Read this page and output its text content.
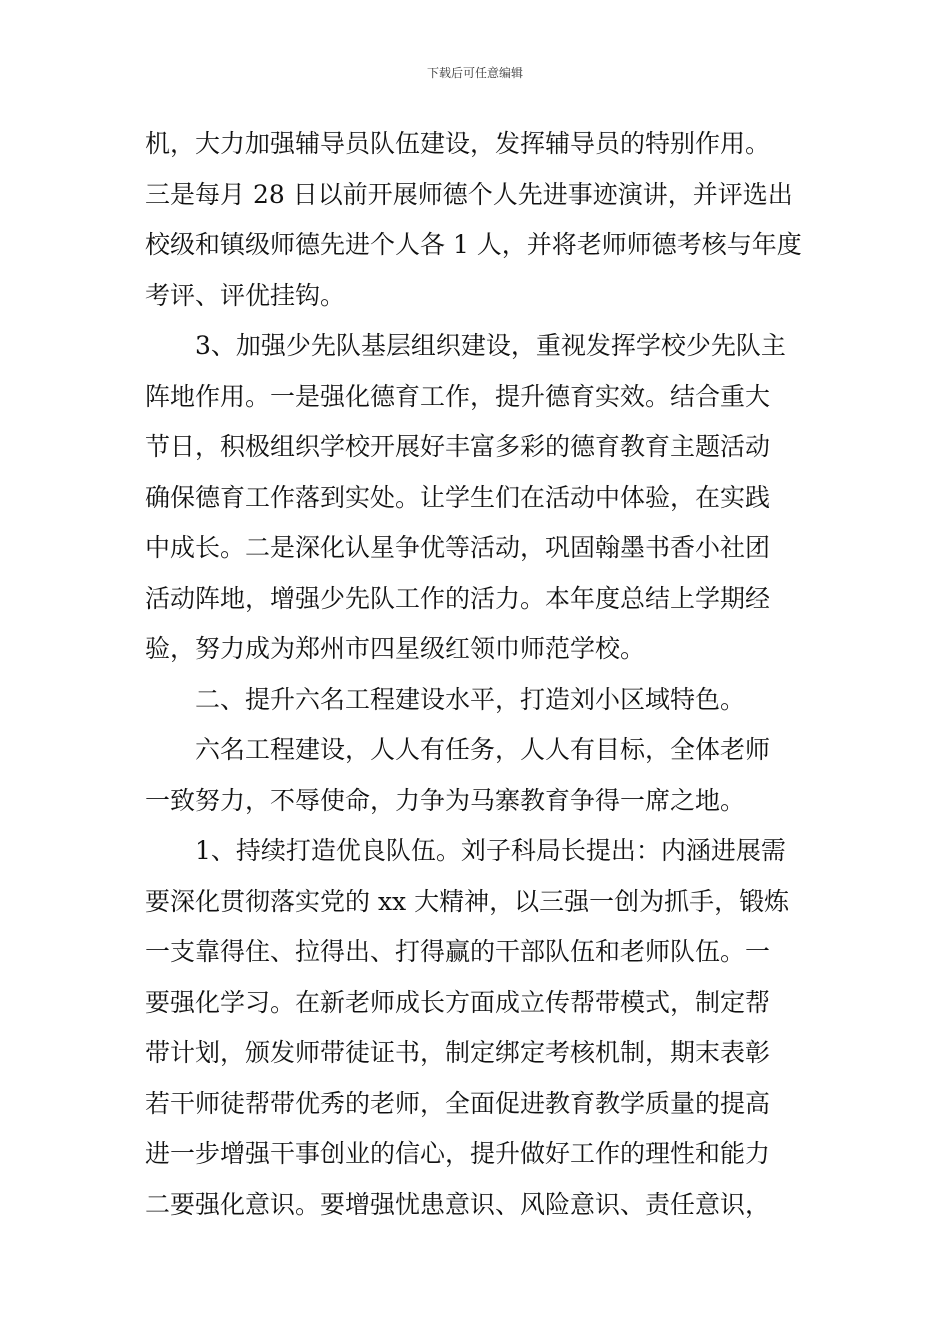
下载后可任意编辑
机，大力加强辅导员队伍建设，发挥辅导员的特别作用。
三是每月 28 日以前开展师德个人先进事迹演讲，并评选出
校级和镇级师德先进个人各 1 人，并将老师师德考核与年度
考评、评优挂钩。
3、加强少先队基层组织建设，重视发挥学校少先队主
阵地作用。一是强化德育工作，提升德育实效。结合重大
节日，积极组织学校开展好丰富多彩的德育教育主题活动
确保德育工作落到实处。让学生们在活动中体验，在实践
中成长。二是深化认星争优等活动，巩固翰墨书香小社团
活动阵地，增强少先队工作的活力。本年度总结上学期经
验，努力成为郑州市四星级红领巾师范学校。
二、提升六名工程建设水平，打造刘小区域特色。
六名工程建设，人人有任务，人人有目标，全体老师
一致努力，不辱使命，力争为马寨教育争得一席之地。
1、持续打造优良队伍。刘子科局长提出：内涵进展需
要深化贯彻落实党的 xx 大精神，以三强一创为抓手，锻炼
一支靠得住、拉得出、打得赢的干部队伍和老师队伍。一
要强化学习。在新老师成长方面成立传帮带模式，制定帮
带计划，颁发师带徒证书，制定绑定考核机制，期末表彰
若干师徒帮带优秀的老师，全面促进教育教学质量的提高
进一步增强干事创业的信心，提升做好工作的理性和能力
二要强化意识。要增强忧患意识、风险意识、责任意识，
